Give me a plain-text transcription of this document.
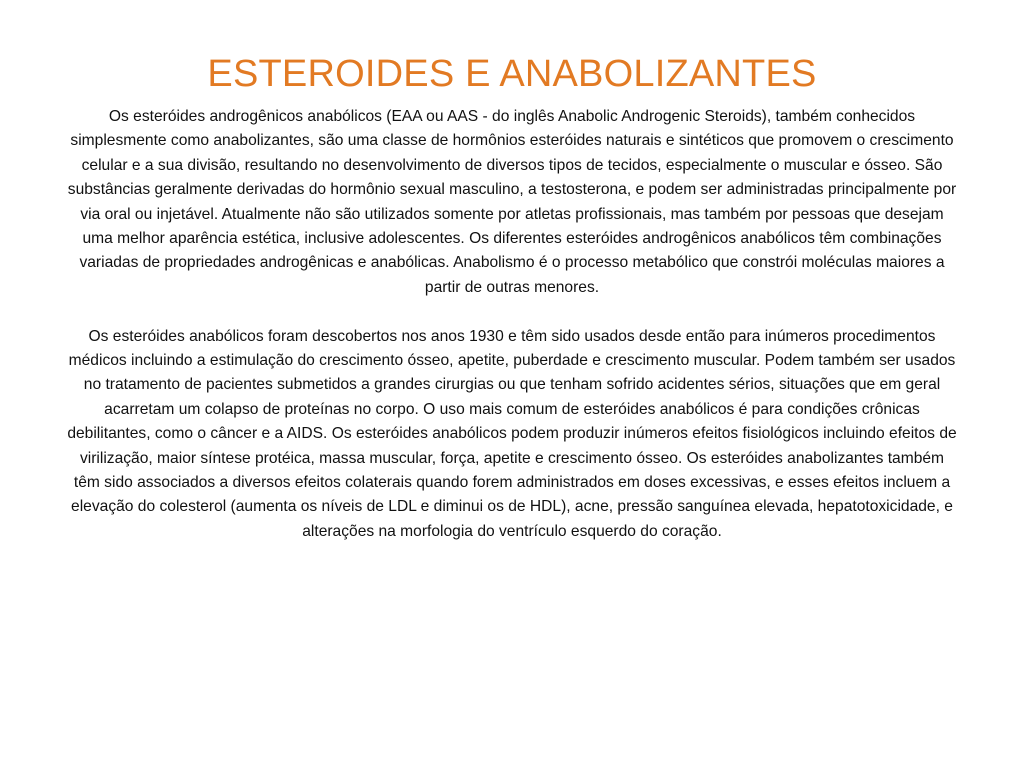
ESTEROIDES E ANABOLIZANTES

Os esteróides androgênicos anabólicos (EAA ou AAS - do inglês Anabolic Androgenic Steroids), também conhecidos simplesmente como anabolizantes, são uma classe de hormônios esteróides naturais e sintéticos que promovem o crescimento celular e a sua divisão, resultando no desenvolvimento de diversos tipos de tecidos, especialmente o muscular e ósseo. São substâncias geralmente derivadas do hormônio sexual masculino, a testosterona, e podem ser administradas principalmente por via oral ou injetável. Atualmente não são utilizados somente por atletas profissionais, mas também por pessoas que desejam uma melhor aparência estética, inclusive adolescentes. Os diferentes esteróides androgênicos anabólicos têm combinações variadas de propriedades androgênicas e anabólicas. Anabolismo é o processo metabólico que constrói moléculas maiores a partir de outras menores.

Os esteróides anabólicos foram descobertos nos anos 1930 e têm sido usados desde então para inúmeros procedimentos médicos incluindo a estimulação do crescimento ósseo, apetite, puberdade e crescimento muscular. Podem também ser usados no tratamento de pacientes submetidos a grandes cirurgias ou que tenham sofrido acidentes sérios, situações que em geral acarretam um colapso de proteínas no corpo. O uso mais comum de esteróides anabólicos é para condições crônicas debilitantes, como o câncer e a AIDS. Os esteróides anabólicos podem produzir inúmeros efeitos fisiológicos incluindo efeitos de virilização, maior síntese protéica, massa muscular, força, apetite e crescimento ósseo. Os esteróides anabolizantes também têm sido associados a diversos efeitos colaterais quando forem administrados em doses excessivas, e esses efeitos incluem a elevação do colesterol (aumenta os níveis de LDL e diminui os de HDL), acne, pressão sanguínea elevada, hepatotoxicidade, e alterações na morfologia do ventrículo esquerdo do coração.
